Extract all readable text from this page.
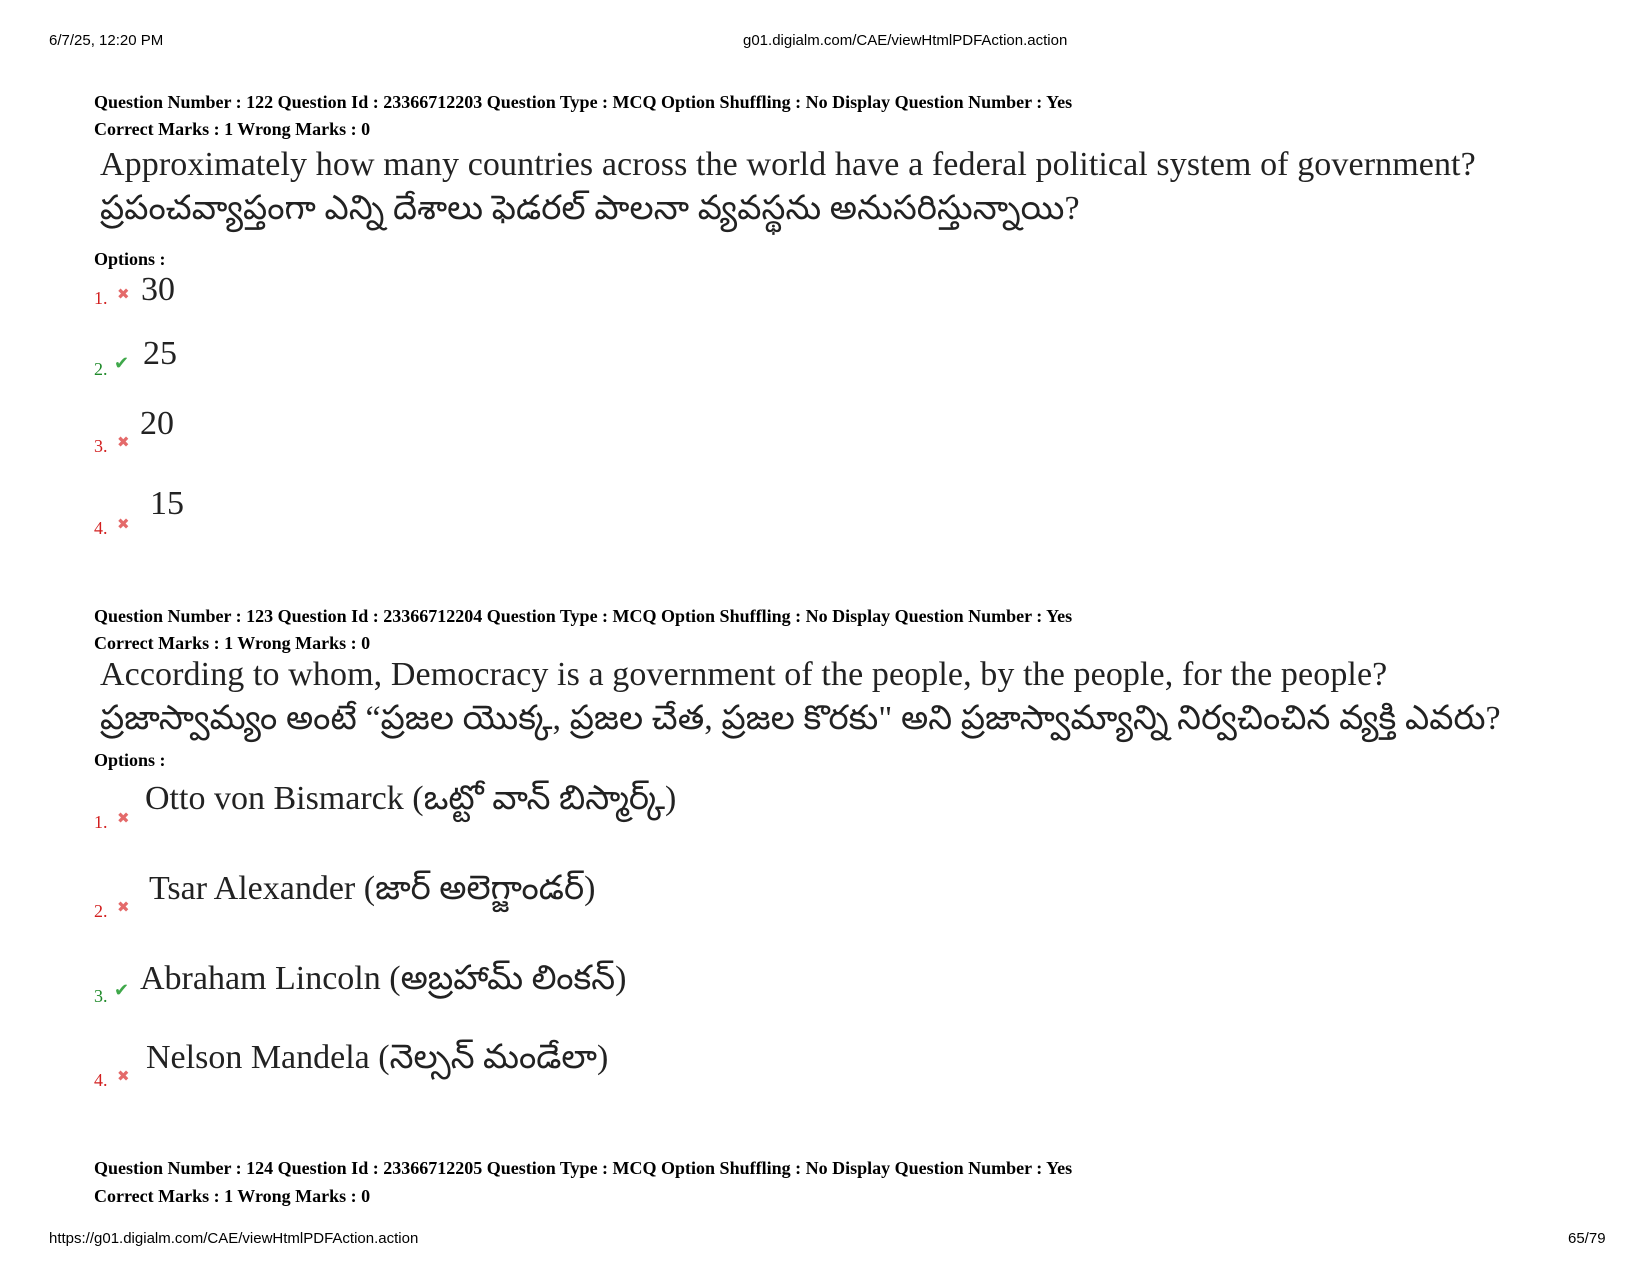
6/7/25, 12:20 PM	g01.digialm.com/CAE/viewHtmlPDFAction.action
Question Number : 122 Question Id : 23366712203 Question Type : MCQ Option Shuffling : No Display Question Number : Yes
Correct Marks : 1 Wrong Marks : 0
Approximately how many countries across the world have a federal political system of government?
ప్రపంచవ్యాప్తంగా ఎన్ని దేశాలు ఫెడరల్ పాలనా వ్యవస్థను అనుసరిస్తున్నాయి?
Options :
1. ✖ 30
2. ✔ 25
3. ✖ 20
4. ✖
15
Question Number : 123 Question Id : 23366712204 Question Type : MCQ Option Shuffling : No Display Question Number : Yes
Correct Marks : 1 Wrong Marks : 0
According to whom, Democracy is a government of the people, by the people, for the people?
ప్రజాస్వామ్యం అంటే “ప్రజల యొక్క, ప్రజల చేత, ప్రజల కొరకు" అని ప్రజాస్వామ్యాన్ని నిర్వచించిన వ్యక్తి ఎవరు?
Options :
1. ✖
Otto von Bismarck (ఒట్టో వాన్ బిస్మార్క్)
2. ✖ Tsar Alexander (జార్ అలెగ్జాండర్)
3. ✔ Abraham Lincoln (అబ్రహామ్ లింకన్)
4. ✖ Nelson Mandela (నెల్సన్ మండేలా)
Question Number : 124 Question Id : 23366712205 Question Type : MCQ Option Shuffling : No Display Question Number : Yes
Correct Marks : 1 Wrong Marks : 0
https://g01.digialm.com/CAE/viewHtmlPDFAction.action	65/79
